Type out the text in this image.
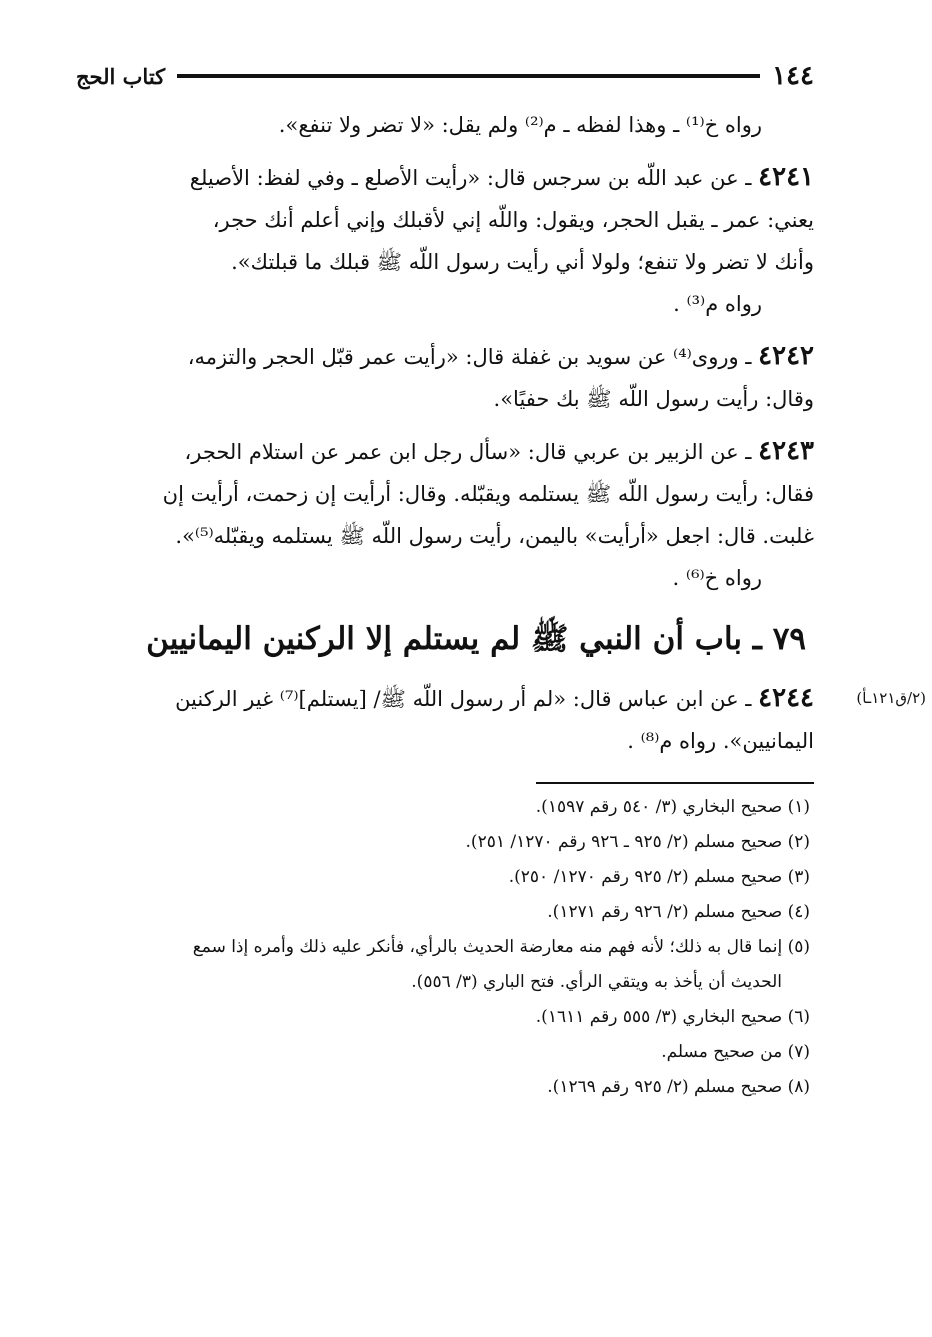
١٤٤
كتاب الحج
رواه خ⁽¹⁾ ـ وهذا لفظه ـ م⁽²⁾ ولم يقل: «لا تضر ولا تنفع».
٤٢٤١ ـ عن عبد اللّه بن سرجس قال: «رأيت الأصلع ـ وفي لفظ: الأصيلع
يعني: عمر ـ يقبل الحجر، ويقول: واللّه إني لأقبلك وإني أعلم أنك حجر،
وأنك لا تضر ولا تنفع؛ ولولا أني رأيت رسول اللّه ﷺ قبلك ما قبلتك».
رواه م⁽³⁾ .
٤٢٤٢ ـ وروى⁽⁴⁾ عن سويد بن غفلة قال: «رأيت عمر قبّل الحجر والتزمه،
وقال: رأيت رسول اللّه ﷺ بك حفيًا».
٤٢٤٣ ـ عن الزبير بن عربي قال: «سأل رجل ابن عمر عن استلام الحجر،
فقال: رأيت رسول اللّه ﷺ يستلمه ويقبّله. وقال: أرأيت إن زحمت، أرأيت إن
غلبت. قال: اجعل «أرأيت» باليمن، رأيت رسول اللّه ﷺ يستلمه ويقبّله⁽⁵⁾».
رواه خ⁽⁶⁾ .
٧٩ ـ باب أن النبي ﷺ لم يستلم إلا الركنين اليمانيين
(٢/ق١٢١ـأ)
٤٢٤٤ ـ عن ابن عباس قال: «لم أر رسول اللّه ﷺ/ [يستلم]⁽⁷⁾ غير الركنين
اليمانيين». رواه م⁽⁸⁾ .
(١) صحيح البخاري (٣/ ٥٤٠ رقم ١٥٩٧).
(٢) صحيح مسلم (٢/ ٩٢٥ ـ ٩٢٦ رقم ١٢٧٠/ ٢٥١).
(٣) صحيح مسلم (٢/ ٩٢٥ رقم ١٢٧٠/ ٢٥٠).
(٤) صحيح مسلم (٢/ ٩٢٦ رقم ١٢٧١).
(٥) إنما قال به ذلك؛ لأنه فهم منه معارضة الحديث بالرأي، فأنكر عليه ذلك وأمره إذا سمع
الحديث أن يأخذ به ويتقي الرأي. فتح الباري (٣/ ٥٥٦).
(٦) صحيح البخاري (٣/ ٥٥٥ رقم ١٦١١).
(٧) من صحيح مسلم.
(٨) صحيح مسلم (٢/ ٩٢٥ رقم ١٢٦٩).
